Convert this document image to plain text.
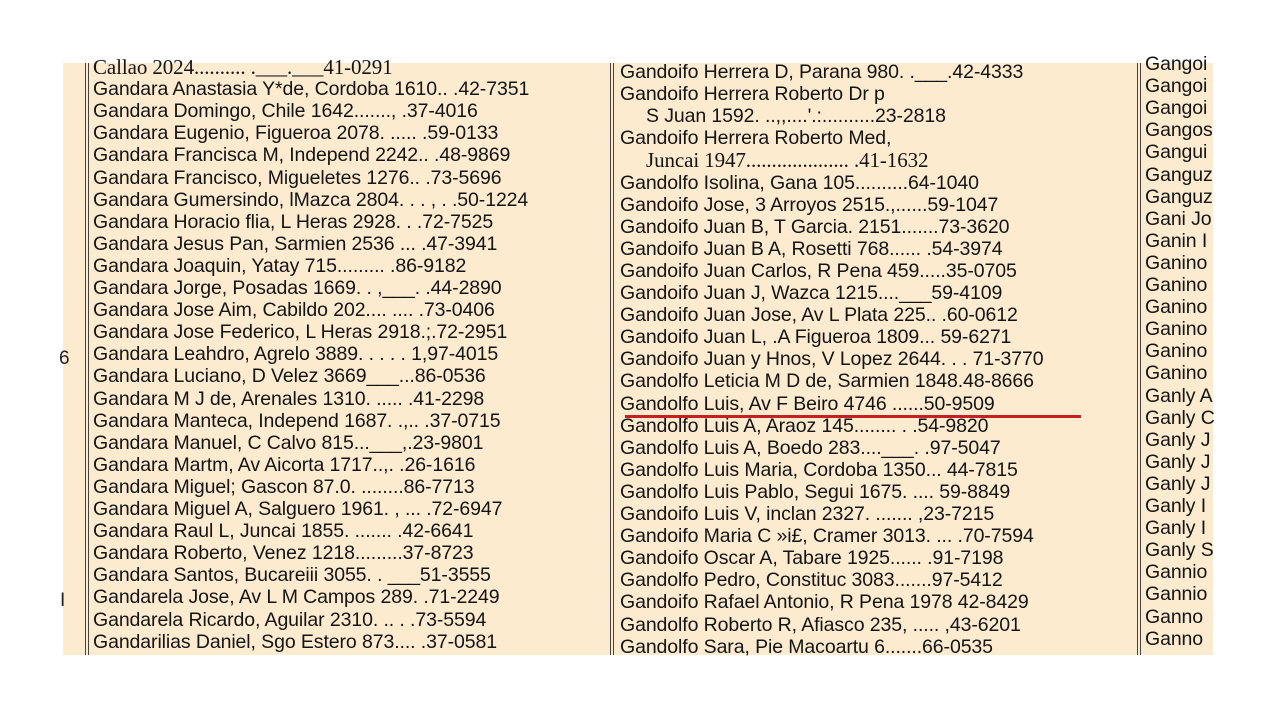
6
I
Callao 2024.......... .___.___41-0291
Gandara Anastasia Y*de, Cordoba 1610.. .42-7351
Gandara Domingo, Chile 1642......., .37-4016
Gandara Eugenio, Figueroa 2078. ..... .59-0133
Gandara Francisca M, Independ 2242.. .48-9869
Gandara Francisco, Migueletes 1276.. .73-5696
Gandara Gumersindo, lMazca 2804. . . , . .50-1224
Gandara Horacio flia, L Heras 2928. . .72-7525
Gandara Jesus Pan, Sarmien 2536 ... .47-3941
Gandara Joaquin, Yatay 715......... .86-9182
Gandara Jorge, Posadas 1669. . ,___. .44-2890
Gandara Jose Aim, Cabildo 202.... .... .73-0406
Gandara Jose Federico, L Heras 2918.;.72-2951
Gandara Leahdro, Agrelo 3889. . . . . 1,97-4015
Gandara Luciano, D Velez 3669___...86-0536
Gandara M J de, Arenales 1310. ..... .41-2298
Gandara Manteca, Independ 1687. .,.. .37-0715
Gandara Manuel, C Calvo 815...___,.23-9801
Gandara Martm, Av Aicorta 1717..,. .26-1616
Gandara Miguel; Gascon 87.0. ........86-7713
Gandara Miguel A, Salguero 1961. , ... .72-6947
Gandara Raul L, Juncai 1855. ....... .42-6641
Gandara Roberto, Venez 1218.........37-8723
Gandara Santos, Bucareiii 3055. . ___51-3555
Gandarela Jose, Av L M Campos 289. .71-2249
Gandarela Ricardo, Aguilar 2310. .. . .73-5594
Gandarilias Daniel, Sgo Estero 873.... .37-0581
Gandoifo Herrera D, Parana 980. .___.42-4333
Gandoifo Herrera Roberto Dr p
S Juan 1592. ..,,....'.:..........23-2818
Gandoifo Herrera Roberto Med,
Juncai 1947.................... .41-1632
Gandolfo Isolina, Gana 105..........64-1040
Gandoifo Jose, 3 Arroyos 2515.,......59-1047
Gandoifo Juan B, T Garcia. 2151.......73-3620
Gandoifo Juan B A, Rosetti 768...... .54-3974
Gandoifo Juan Carlos, R Pena 459.....35-0705
Gandoifo Juan J, Wazca 1215....___59-4109
Gandoifo Juan Jose, Av L Plata 225.. .60-0612
Gandoifo Juan L, .A Figueroa 1809... 59-6271
Gandoifo Juan y Hnos, V Lopez 2644. . . 71-3770
Gandolfo Leticia M D de, Sarmien 1848.48-8666
Gandolfo Luis, Av F Beiro 4746 ......50-9509
Gandolfo Luis A, Araoz 145........ . .54-9820
Gandolfo Luis A, Boedo 283....___. .97-5047
Gandolfo Luis Maria, Cordoba 1350... 44-7815
Gandolfo Luis Pablo, Segui 1675. .... 59-8849
Gandoifo Luis V, inclan 2327. ....... ,23-7215
Gandoifo Maria C »i£, Cramer 3013. ... .70-7594
Gandoifo Oscar A, Tabare 1925...... .91-7198
Gandolfo Pedro, Constituc 3083.......97-5412
Gandoifo Rafael Antonio, R Pena 1978 42-8429
Gandolfo Roberto R, Afiasco 235, ..... ,43-6201
Gandolfo Sara, Pie Macoartu 6.......66-0535
Gangoi
Gangoi
Gangoi
Gangos
Gangui
Ganguz
Ganguz
Gani Jo
Ganin I
Ganino
Ganino
Ganino
Ganino
Ganino
Ganino
Ganly A
Ganly C
Ganly J
Ganly J
Ganly J
Ganly I
Ganly I
Ganly S
Gannio
Gannio
Ganno
Ganno
